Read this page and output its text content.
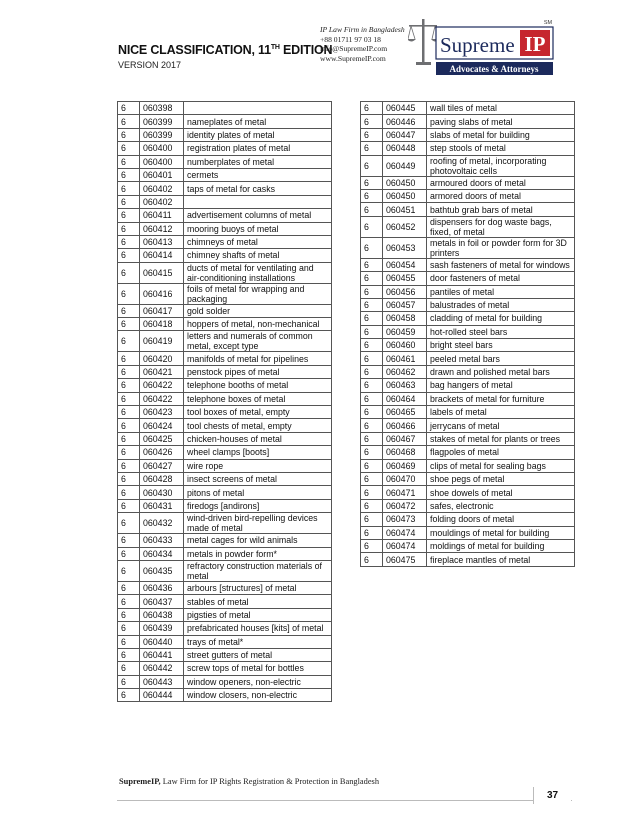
NICE CLASSIFICATION, 11TH EDITION
VERSION 2017
IP Law Firm in Bangladesh
+88 01711 97 03 18
info@SupremeIP.com
www.SupremeIP.com
Supreme IP
SM
Advocates & Attorneys
6	060398	
6	060399	nameplates of metal
6	060399	identity plates of metal
6	060400	registration plates of metal
6	060400	numberplates of metal
6	060401	cermets
6	060402	taps of metal for casks
6	060402	
6	060411	advertisement columns of metal
6	060412	mooring buoys of metal
6	060413	chimneys of metal
6	060414	chimney shafts of metal
6	060415	ducts of metal for ventilating and air-conditioning installations
6	060416	foils of metal for wrapping and packaging
6	060417	gold solder
6	060418	hoppers of metal, non-mechanical
6	060419	letters and numerals of common metal, except type
6	060420	manifolds of metal for pipelines
6	060421	penstock pipes of metal
6	060422	telephone booths of metal
6	060422	telephone boxes of metal
6	060423	tool boxes of metal, empty
6	060424	tool chests of metal, empty
6	060425	chicken-houses of metal
6	060426	wheel clamps [boots]
6	060427	wire rope
6	060428	insect screens of metal
6	060430	pitons of metal
6	060431	firedogs [andirons]
6	060432	wind-driven bird-repelling devices made of metal
6	060433	metal cages for wild animals
6	060434	metals in powder form*
6	060435	refractory construction materials of metal
6	060436	arbours [structures] of metal
6	060437	stables of metal
6	060438	pigsties of metal
6	060439	prefabricated houses [kits] of metal
6	060440	trays of metal*
6	060441	street gutters of metal
6	060442	screw tops of metal for bottles
6	060443	window openers, non-electric
6	060444	window closers, non-electric
6	060445	wall tiles of metal
6	060446	paving slabs of metal
6	060447	slabs of metal for building
6	060448	step stools of metal
6	060449	roofing of metal, incorporating photovoltaic cells
6	060450	armoured doors of metal
6	060450	armored doors of metal
6	060451	bathtub grab bars of metal
6	060452	dispensers for dog waste bags, fixed, of metal
6	060453	metals in foil or powder form for 3D printers
6	060454	sash fasteners of metal for windows
6	060455	door fasteners of metal
6	060456	pantiles of metal
6	060457	balustrades of metal
6	060458	cladding of metal for building
6	060459	hot-rolled steel bars
6	060460	bright steel bars
6	060461	peeled metal bars
6	060462	drawn and polished metal bars
6	060463	bag hangers of metal
6	060464	brackets of metal for furniture
6	060465	labels of metal
6	060466	jerrycans of metal
6	060467	stakes of metal for plants or trees
6	060468	flagpoles of metal
6	060469	clips of metal for sealing bags
6	060470	shoe pegs of metal
6	060471	shoe dowels of metal
6	060472	safes, electronic
6	060473	folding doors of metal
6	060474	mouldings of metal for building
6	060474	moldings of metal for building
6	060475	fireplace mantles of metal
SupremeIP, Law Firm for IP Rights Registration & Protection in Bangladesh
37
